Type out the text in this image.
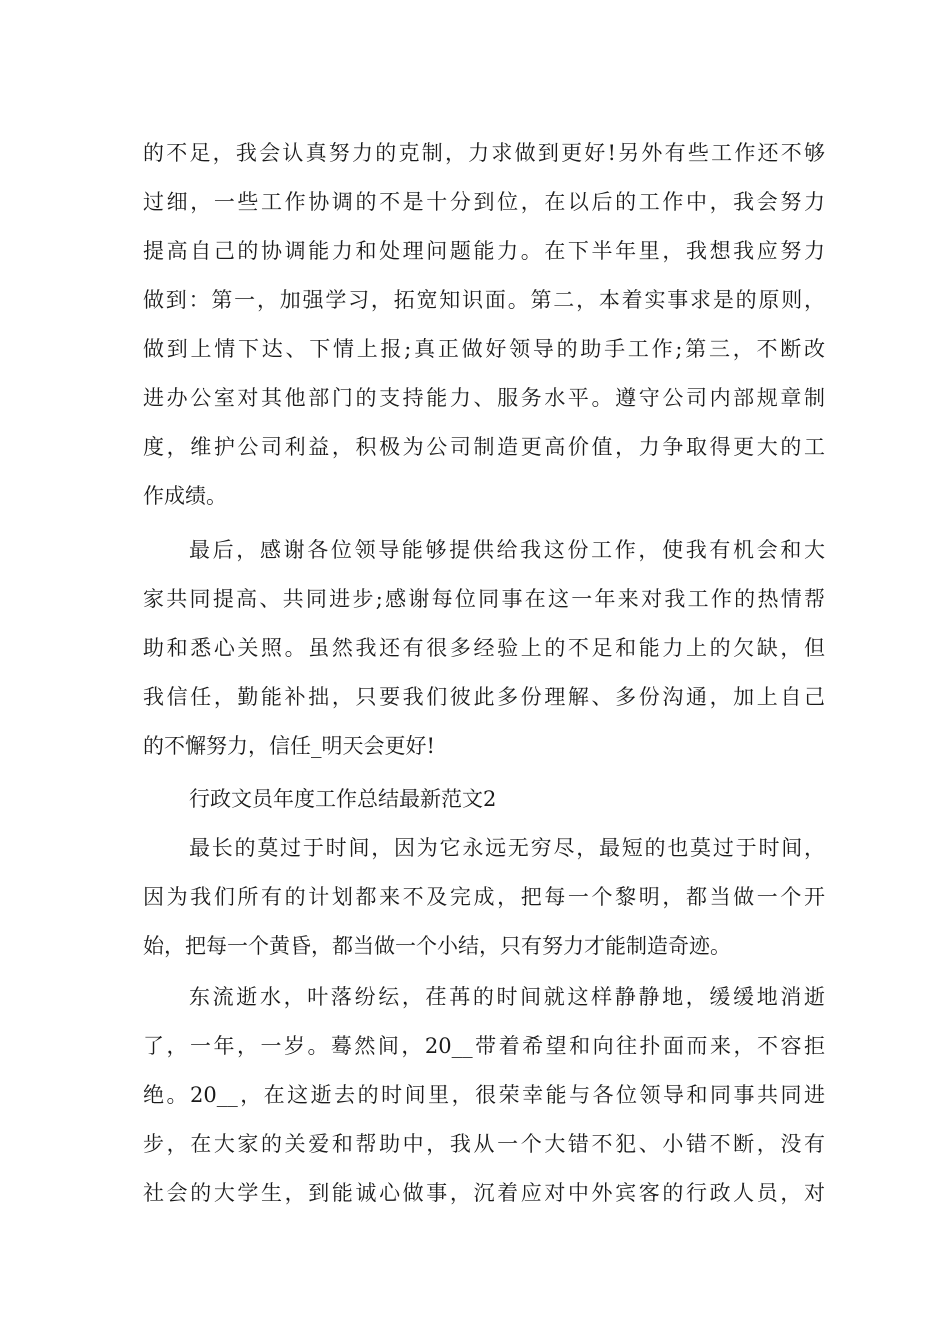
的不足，我会认真努力的克制，力求做到更好!另外有些工作还不够
过细，一些工作协调的不是十分到位，在以后的工作中，我会努力
提高自己的协调能力和处理问题能力。在下半年里，我想我应努力
做到：第一，加强学习，拓宽知识面。第二，本着实事求是的原则，
做到上情下达、下情上报;真正做好领导的助手工作;第三，不断改
进办公室对其他部门的支持能力、服务水平。遵守公司内部规章制
度，维护公司利益，积极为公司制造更高价值，力争取得更大的工
作成绩。
最后，感谢各位领导能够提供给我这份工作，使我有机会和大
家共同提高、共同进步;感谢每位同事在这一年来对我工作的热情帮
助和悉心关照。虽然我还有很多经验上的不足和能力上的欠缺，但
我信任，勤能补拙，只要我们彼此多份理解、多份沟通，加上自己
的不懈努力，信任_明天会更好!
行政文员年度工作总结最新范文2
最长的莫过于时间，因为它永远无穷尽，最短的也莫过于时间，
因为我们所有的计划都来不及完成，把每一个黎明，都当做一个开
始，把每一个黄昏，都当做一个小结，只有努力才能制造奇迹。
东流逝水，叶落纷纭，荏苒的时间就这样静静地，缓缓地消逝
了，一年，一岁。蓦然间，20__带着希望和向往扑面而来，不容拒
绝。20__，在这逝去的时间里，很荣幸能与各位领导和同事共同进
步，在大家的关爱和帮助中，我从一个大错不犯、小错不断，没有
社会的大学生，到能诚心做事，沉着应对中外宾客的行政人员，对
